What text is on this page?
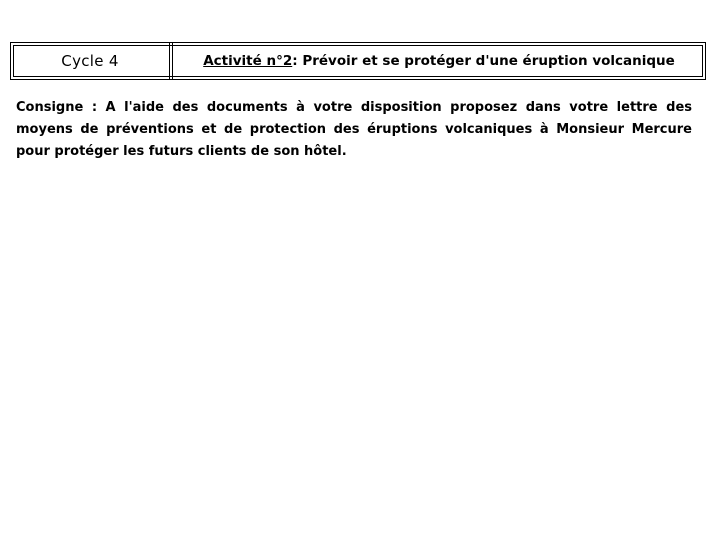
Cycle 4	Activité n°2 : Prévoir et se protéger d'une éruption volcanique
Consigne : A l'aide des documents à votre disposition proposez dans votre lettre des moyens de préventions et de protection des éruptions volcaniques à Monsieur Mercure pour protéger les futurs clients de son hôtel.
